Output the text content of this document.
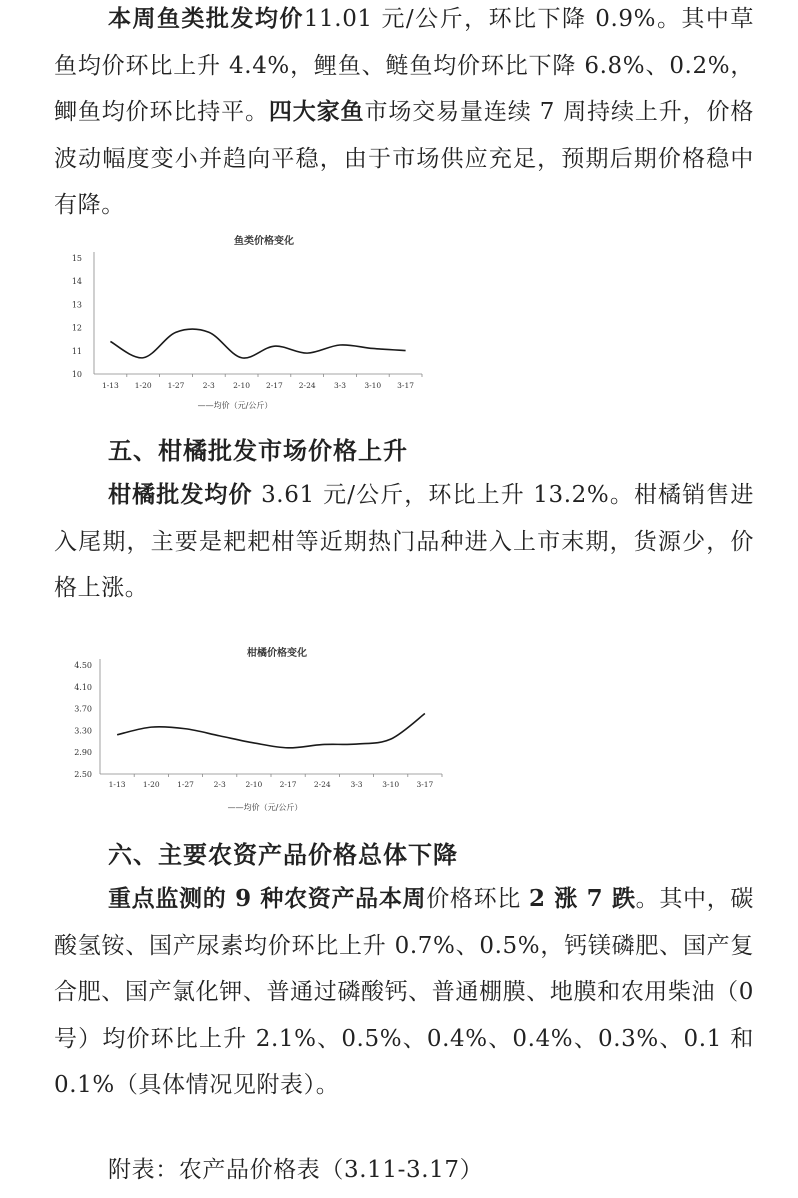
本周鱼类批发均价11.01 元/公斤，环比下降 0.9%。其中草鱼均价环比上升 4.4%，鲤鱼、鲢鱼均价环比下降 6.8%、0.2%，鲫鱼均价环比持平。四大家鱼市场交易量连续 7 周持续上升，价格波动幅度变小并趋向平稳，由于市场供应充足，预期后期价格稳中有降。

鱼类价格变化
15
14
13
12
11
10
1-13 1-20 1-27 2-3 2-10 2-17 2-24 3-3 3-10 3-17
——均价（元/公斤）
五、柑橘批发市场价格上升

柑橘批发均价 3.61 元/公斤，环比上升 13.2%。柑橘销售进入尾期，主要是耙耙柑等近期热门品种进入上市末期，货源少，价格上涨。

柑橘价格变化
4.50
4.10
3.70
3.30
2.90
2.50
1-13 1-20 1-27	2-3	2-10 2-17 2-24	3-3	3-10 3-17
——均价（元/公斤）
六、主要农资产品价格总体下降

重点监测的 9 种农资产品本周价格环比 2 涨 7 跌。其中，碳酸氢铵、国产尿素均价环比上升 0.7%、0.5%，钙镁磷肥、国产复合肥、国产氯化钾、普通过磷酸钙、普通棚膜、地膜和农用柴油（0 号）均价环比上升 2.1%、0.5%、0.4%、0.4%、0.3%、0.1 和 0.1%（具体情况见附表）。

附表：农产品价格表（3.11-3.17）
